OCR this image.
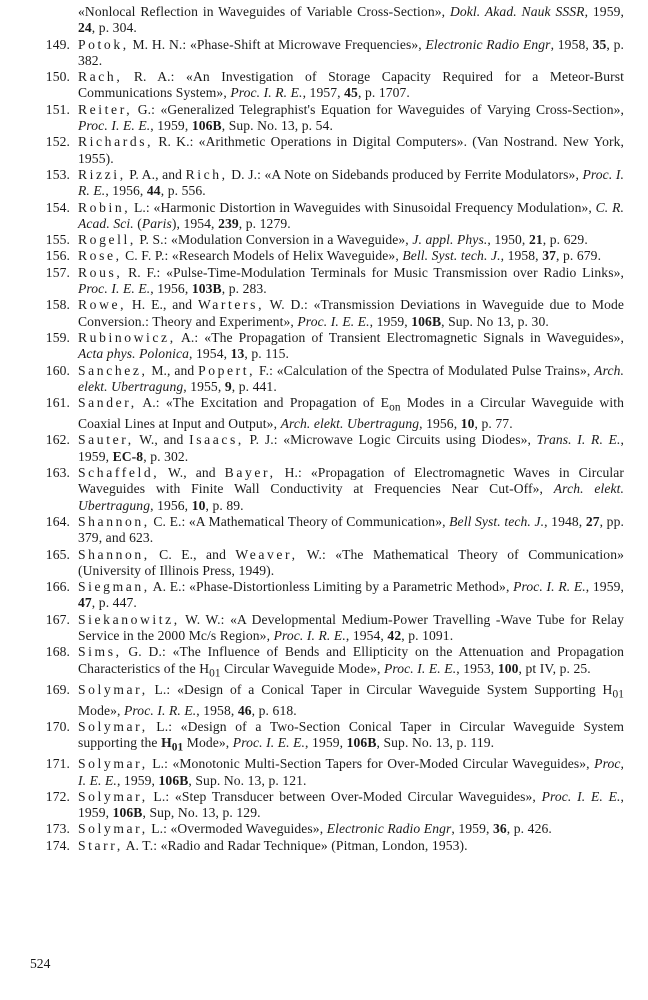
«Nonlocal Reflection in Waveguides of Variable Cross-Section», Dokl. Akad. Nauk SSSR, 1959, 24, p. 304.
149. Potok, M. H. N.: «Phase-Shift at Microwave Frequencies», Electronic Radio Engr, 1958, 35, p. 382.
150. Rach, R. A.: «An Investigation of Storage Capacity Required for a Meteor-Burst Communications System», Proc. I. R. E., 1957, 45, p. 1707.
151. Reiter, G.: «Generalized Telegraphist's Equation for Waveguides of Varying Cross-Section», Proc. I. E. E., 1959, 106B, Sup. No. 13, p. 54.
152. Richards, R. K.: «Arithmetic Operations in Digital Computers». (Van Nostrand. New York, 1955).
153. Rizzi, P. A., and Rich, D. J.: «A Note on Sidebands produced by Ferrite Modulators», Proc. I. R. E., 1956, 44, p. 556.
154. Robin, L.: «Harmonic Distortion in Waveguides with Sinusoidal Frequency Modulation», C. R. Acad. Sci. (Paris), 1954, 239, p. 1279.
155. Rogell, P. S.: «Modulation Conversion in a Waveguide», J. appl. Phys., 1950, 21, p. 629.
156. Rose, C. F. P.: «Research Models of Helix Waveguide», Bell. Syst. tech. J., 1958, 37, p. 679.
157. Rous, R. F.: «Pulse-Time-Modulation Terminals for Music Transmission over Radio Links», Proc. I. E. E., 1956, 103B, p. 283.
158. Rowe, H. E., and Warters, W. D.: «Transmission Deviations in Waveguide due to Mode Conversion.: Theory and Experiment», Proc. I. E. E., 1959, 106B, Sup. No 13, p. 30.
159. Rubinowicz, A.: «The Propagation of Transient Electromagnetic Signals in Waveguides», Acta phys. Polonica, 1954, 13, p. 115.
160. Sanchez, M., and Popert, F.: «Calculation of the Spectra of Modulated Pulse Trains», Arch. elekt. Ubertragung, 1955, 9, p. 441.
161. Sander, A.: «The Excitation and Propagation of $E_{on}$ Modes in a Circular Waveguide with Coaxial Lines at Input and Output», Arch. elekt. Ubertragung, 1956, 10, p. 77.
162. Sauter, W., and Isaacs, P. J.: «Microwave Logic Circuits using Diodes», Trans. I. R. E., 1959, EC-8, p. 302.
163. Schaffeld, W., and Bayer, H.: «Propagation of Electromagnetic Waves in Circular Waveguides with Finite Wall Conductivity at Frequencies Near Cut-Off», Arch. elekt. Ubertragung, 1956, 10, p. 89.
164. Shannon, C. E.: «A Mathematical Theory of Communication», Bell Syst. tech. J., 1948, 27, pp. 379, and 623.
165. Shannon, C. E., and Weaver, W.: «The Mathematical Theory of Communication» (University of Illinois Press, 1949).
166. Siegman, A. E.: «Phase-Distortionless Limiting by a Parametric Method», Proc. I. R. E., 1959, 47, p. 447.
167. Siekanowitz, W. W.: «A Developmental Medium-Power Travelling -Wave Tube for Relay Service in the 2000 Mc/s Region», Proc. I. R. E., 1954, 42, p. 1091.
168. Sims, G. D.: «The Influence of Bends and Ellipticity on the Attenuation and Propagation Characteristics of the $H_{01}$ Circular Waveguide Mode», Proc. I. E. E., 1953, 100, pt IV, p. 25.
169. Solymar, L.: «Design of a Conical Taper in Circular Waveguide System Supporting $H_{01}$ Mode», Proc. I. R. E., 1958, 46, p. 618.
170. Solymar, L.: «Design of a Two-Section Conical Taper in Circular Waveguide System supporting the $H_{01}$ Mode», Proc. I. E. E., 1959, 106B, Sup. No. 13, p. 119.
171. Solymar, L.: «Monotonic Multi-Section Tapers for Over-Moded Circular Waveguides», Proc, I. E. E., 1959, 106B, Sup. No. 13, p. 121.
172. Solymar, L.: «Step Transducer between Over-Moded Circular Waveguides», Proc. I. E. E., 1959, 106B, Sup, No. 13, p. 129.
173. Solymar, L.: «Overmoded Waveguides», Electronic Radio Engr, 1959, 36, p. 426.
174. Starr, A. T.: «Radio and Radar Technique» (Pitman, London, 1953).
524
